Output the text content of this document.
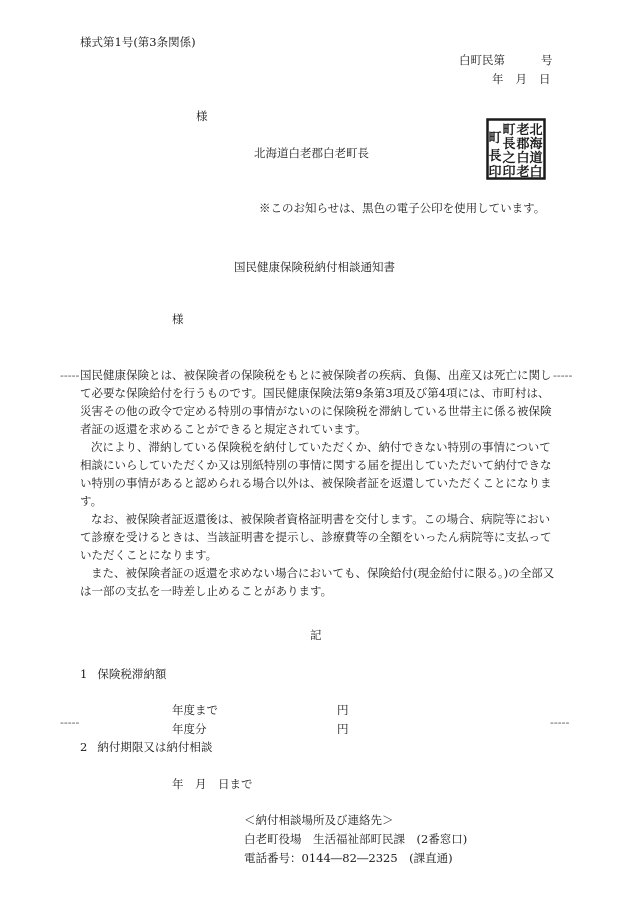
様式第1号(第3条関係)
白町民第	号
年 月 日
様
北海道白老郡白老町長
北
海
道
白
老
郡
白
老
町
長
之
印
町
長
印
※このお知らせは、黒色の電子公印を使用しています。
国民健康保険税納付相談通知書
様
-----	-----

国民健康保険とは、被保険者の保険税をもとに被保険者の疾病、負傷、出産又は死亡に関して必要な保険給付を行うものです。国民健康保険法第9条第3項及び第4項には、市町村は、災害その他の政令で定める特別の事情がないのに保険税を滞納している世帯主に係る被保険者証の返還を求めることができると規定されています。

次により、滞納している保険税を納付していただくか、納付できない特別の事情について相談にいらしていただくか又は別紙特別の事情に関する届を提出していただいて納付できない特別の事情があると認められる場合以外は、被保険者証を返還していただくことになります。

なお、被保険者証返還後は、被保険者資格証明書を交付します。この場合、病院等において診療を受けるときは、当該証明書を提示し、診療費等の全額をいったん病院等に支払っていただくことになります。

また、被保険者証の返還を求めない場合においても、保険給付(現金給付に限る。)の全部又は一部の支払を一時差し止めることがあります。

記
1 保険税滞納額
年度まで	円
-----	-----
年度分	円
2 納付期限又は納付相談
年　月　日まで
＜納付相談場所及び連絡先＞
白老町役場　生活福祉部町民課　(2番窓口)
電話番号：0144―82―2325　(課直通)
